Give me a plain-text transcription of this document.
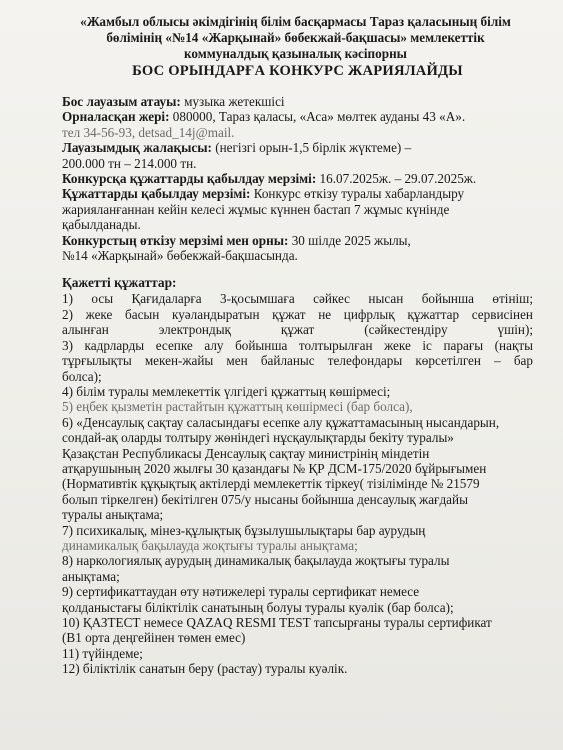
«Жамбыл облысы әкімдігінің білім басқармасы Тараз қаласының білім
бөлімінің «№14 «Жарқынай» бөбекжай-бақшасы» мемлекеттік
коммуналдық қазыналық кәсіпорны
БОС ОРЫНДАРҒА КОНКУРС ЖАРИЯЛАЙДЫ
Бос лауазым атауы: музыка жетекшісі
Орналасқан жері: 080000, Тараз қаласы, «Аса» мөлтек ауданы 43 «А».
тел 34-56-93, detsad_14j@mail.
Лауазымдық жалақысы: (негізгі орын-1,5 бірлік жүктеме) –
200.000 тн – 214.000 тн.
Конкурсқа құжаттарды қабылдау мерзімі: 16.07.2025ж. – 29.07.2025ж.
Құжаттарды қабылдау мерзімі: Конкурс өткізу туралы хабарландыру
жарияланғаннан кейін келесі жұмыс күннен бастап 7 жұмыс күнінде
қабылданады.
Конкурстың өткізу мерзімі мен орны: 30 шілде 2025 жылы,
№14 «Жарқынай» бөбекжай-бақшасында.
Қажетті құжаттар:
1) осы Қағидаларға 3-қосымшаға сәйкес нысан бойынша өтініш;
2) жеке басын куәландыратын құжат не цифрлық құжаттар сервисінен
алынған электрондық құжат (сәйкестендіру үшін);
3) кадрларды есепке алу бойынша толтырылған жеке іс парағы (нақты
тұрғылықты мекен-жайы мен байланыс телефондары көрсетілген – бар
болса);
4) білім туралы мемлекеттік үлгідегі құжаттың көшірмесі;
5) еңбек қызметін растайтын құжаттың көшірмесі (бар болса),
6) «Денсаулық сақтау саласындағы есепке алу құжаттамасының нысандарын,
сондай-ақ оларды толтыру жөніндегі нұсқаулықтарды бекіту туралы»
Қазақстан Республикасы Денсаулық сақтау министрінің міндетін
атқарушының 2020 жылғы 30 қазандағы № ҚР ДСМ-175/2020 бұйрығымен
(Нормативтік құқықтық актілерді мемлекеттік тіркеу( тізілімінде № 21579
болып тіркелген) бекітілген 075/у нысаны бойынша денсаулық жағдайы
туралы анықтама;
7) психикалық, мінез-құлықтық бұзылушылықтары бар аурудың
динамикалық бақылауда жоқтығы туралы анықтама;
8) наркологиялық аурудың динамикалық бақылауда жоқтығы туралы
анықтама;
9) сертификаттаудан өту нәтижелері туралы сертификат немесе
қолданыстағы біліктілік санатының болуы туралы куәлік (бар болса);
10) ҚАЗТЕСТ немесе QAZAQ RESMI TEST тапсырғаны туралы сертификат
(В1 орта деңгейінен төмен емес)
11) түйіндеме;
12) біліктілік санатын беру (растау) туралы куәлік.
